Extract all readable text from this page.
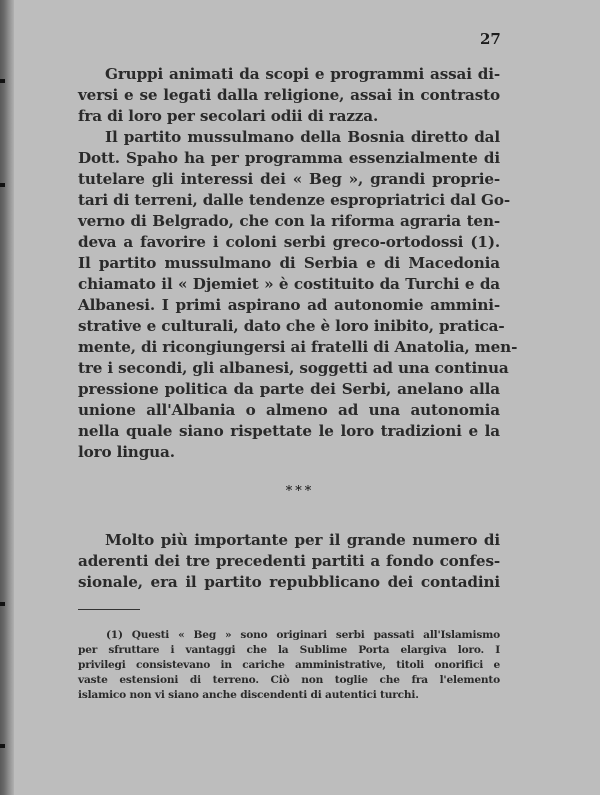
27
Gruppi animati da scopi e programmi assai di-
versi e se legati dalla religione, assai in contrasto
fra di loro per secolari odii di razza.
Il partito mussulmano della Bosnia diretto dal
Dott. Spaho ha per programma essenzialmente di
tutelare gli interessi dei « Beg », grandi proprie-
tari di terreni, dalle tendenze espropriatrici dal Go-
verno di Belgrado, che con la riforma agraria ten-
deva a favorire i coloni serbi greco-ortodossi (1).
Il partito mussulmano di Serbia e di Macedonia
chiamato il « Djemiet » è costituito da Turchi e da
Albanesi. I primi aspirano ad autonomie ammini-
strative e culturali, dato che è loro inibito, pratica-
mente, di ricongiungersi ai fratelli di Anatolia, men-
tre i secondi, gli albanesi, soggetti ad una continua
pressione politica da parte dei Serbi, anelano alla
unione all'Albania o almeno ad una autonomia
nella quale siano rispettate le loro tradizioni e la
loro lingua.
***
Molto più importante per il grande numero di
aderenti dei tre precedenti partiti a fondo confes-
sionale, era il partito repubblicano dei contadini
(1) Questi « Beg » sono originari serbi passati all'Islamismo
per sfruttare i vantaggi che la Sublime Porta elargiva loro. I
privilegi consistevano in cariche amministrative, titoli onorifici e
vaste estensioni di terreno. Ciò non toglie che fra l'elemento
islamico non vi siano anche discendenti di autentici turchi.
